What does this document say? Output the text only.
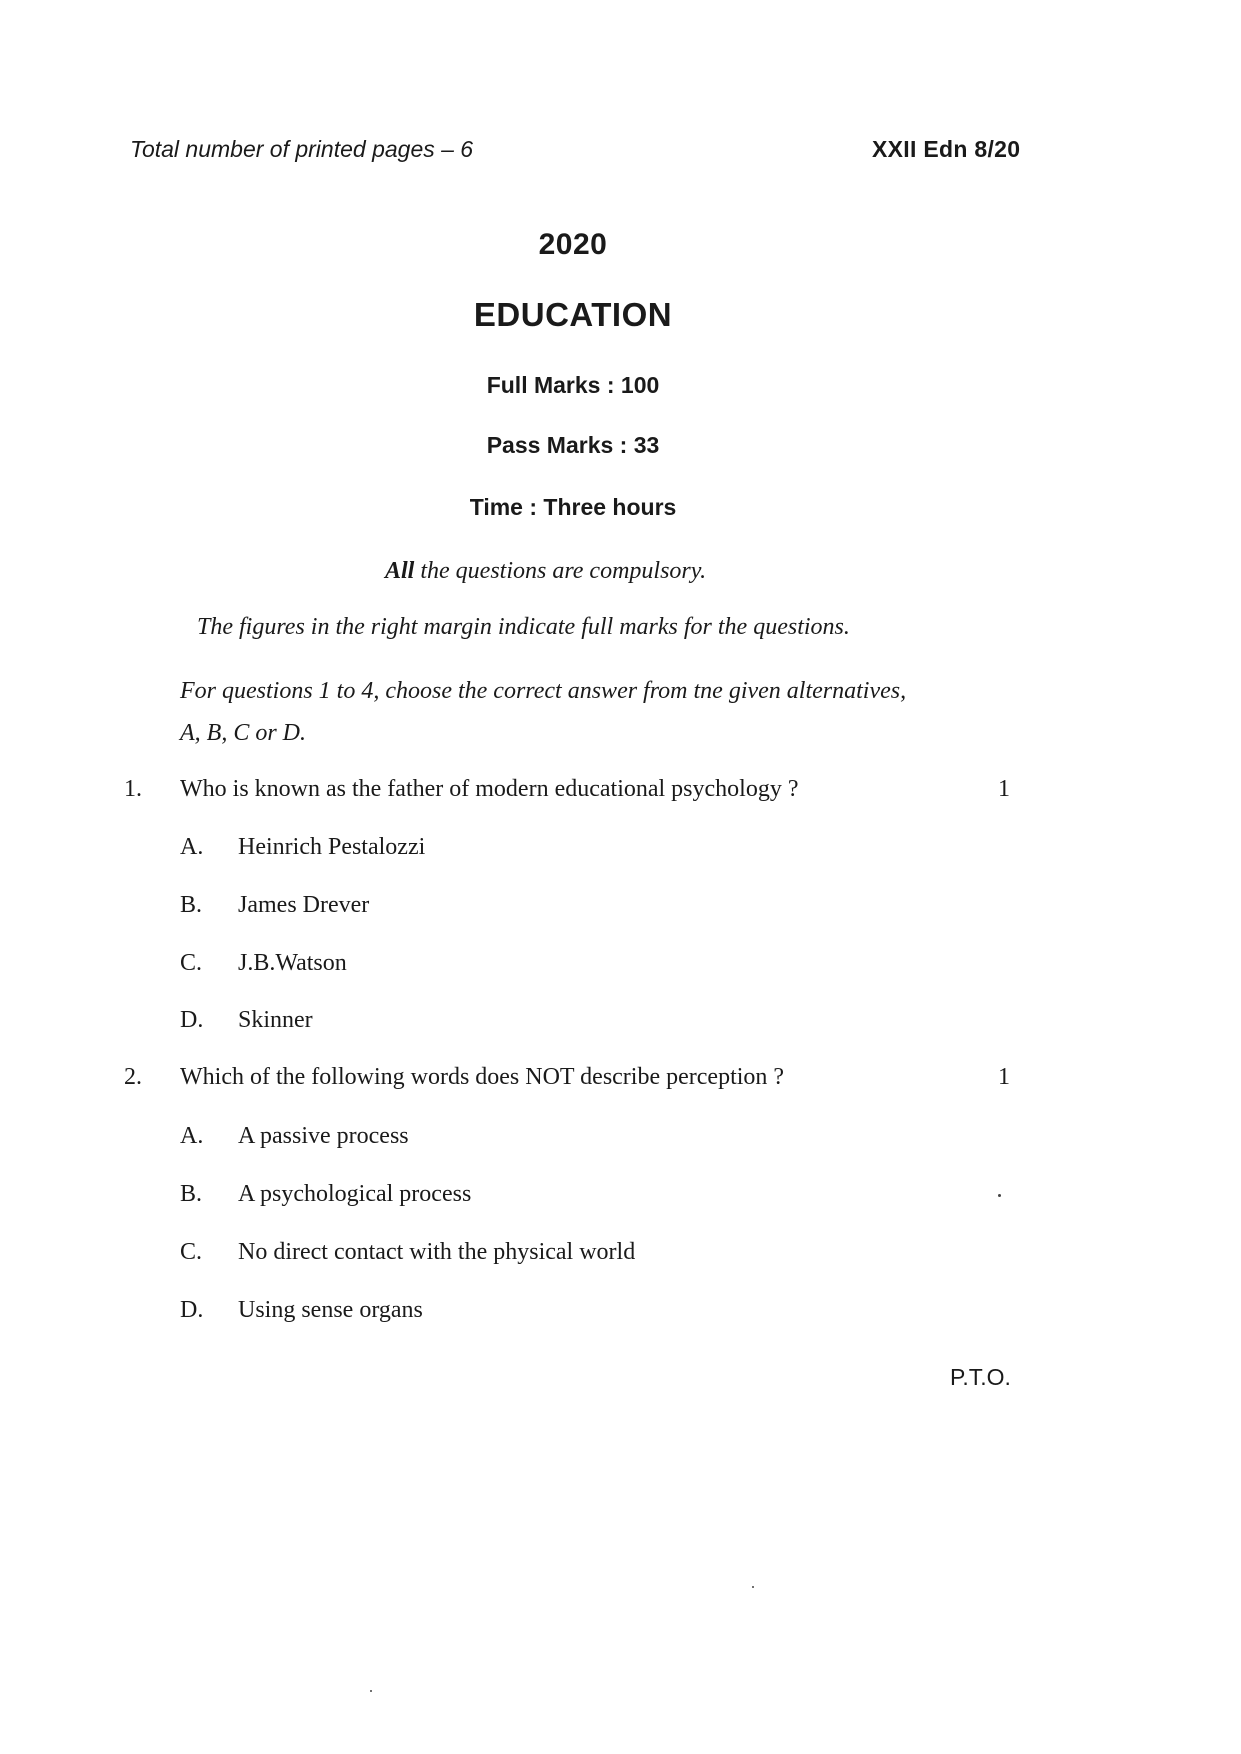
Total number of printed pages – 6	XXII Edn 8/20
2020
EDUCATION
Full Marks : 100
Pass Marks : 33
Time : Three hours
All the questions are compulsory.
The figures in the right margin indicate full marks for the questions.
For questions 1 to 4, choose the correct answer from tne given alternatives,
A, B, C or D.
1. Who is known as the father of modern educational psychology ?	1
A. Heinrich Pestalozzi
B. James Drever
C. J.B.Watson
D. Skinner
2. Which of the following words does NOT describe perception ?	1
A. A passive process
B. A psychological process
C. No direct contact with the physical world
D. Using sense organs
P.T.O.
